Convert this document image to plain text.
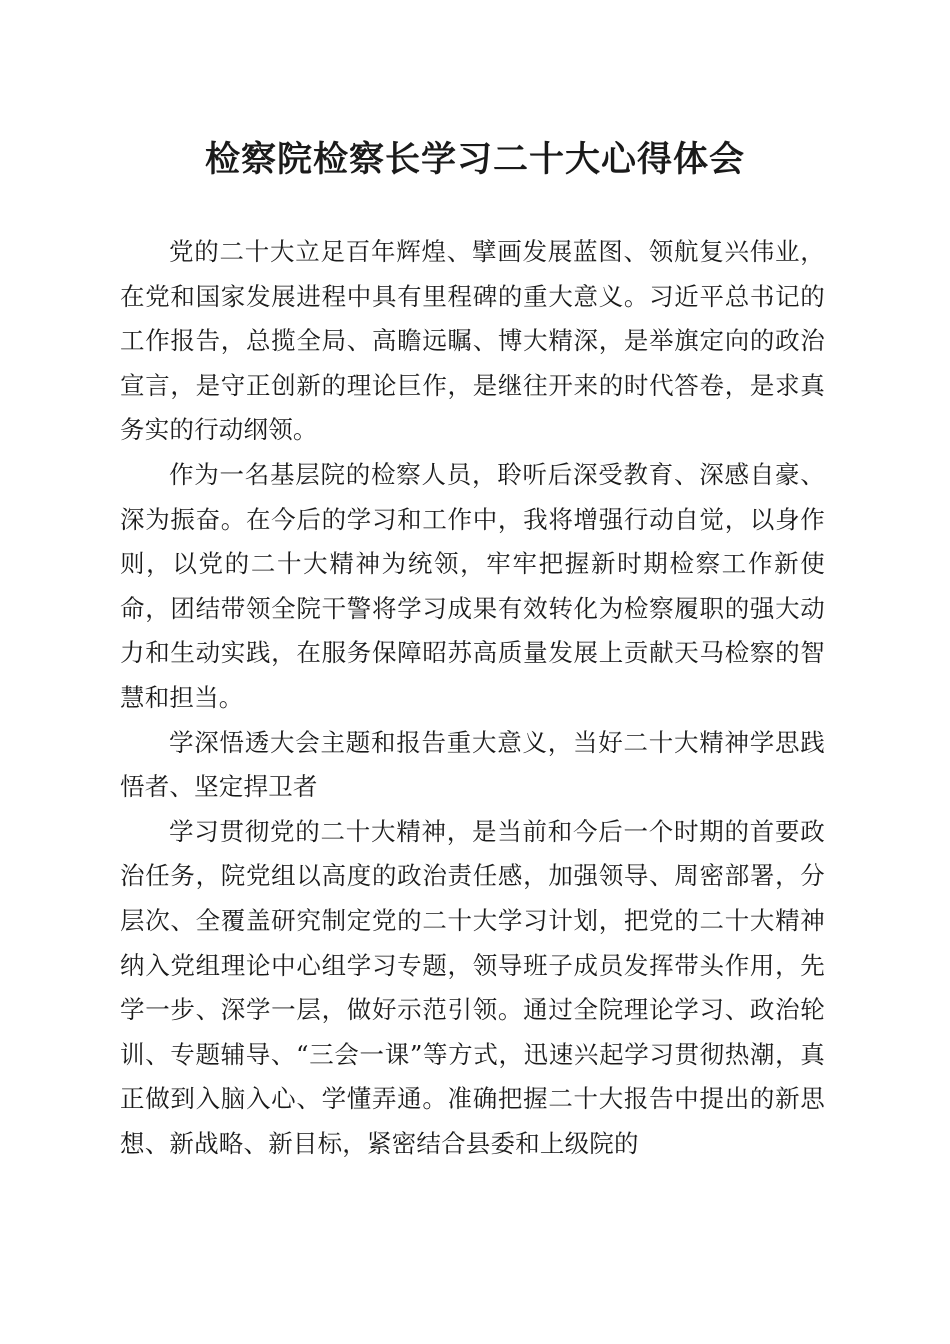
检察院检察长学习二十大心得体会

党的二十大立足百年辉煌、擘画发展蓝图、领航复兴伟业，在党和国家发展进程中具有里程碑的重大意义。习近平总书记的工作报告，总揽全局、高瞻远瞩、博大精深，是举旗定向的政治宣言，是守正创新的理论巨作，是继往开来的时代答卷，是求真务实的行动纲领。

作为一名基层院的检察人员，聆听后深受教育、深感自豪、深为振奋。在今后的学习和工作中，我将增强行动自觉，以身作则，以党的二十大精神为统领，牢牢把握新时期检察工作新使命，团结带领全院干警将学习成果有效转化为检察履职的强大动力和生动实践，在服务保障昭苏高质量发展上贡献天马检察的智慧和担当。

学深悟透大会主题和报告重大意义，当好二十大精神学思践悟者、坚定捍卫者

学习贯彻党的二十大精神，是当前和今后一个时期的首要政治任务，院党组以高度的政治责任感，加强领导、周密部署，分层次、全覆盖研究制定党的二十大学习计划，把党的二十大精神纳入党组理论中心组学习专题，领导班子成员发挥带头作用，先学一步、深学一层，做好示范引领。通过全院理论学习、政治轮训、专题辅导、“三会一课”等方式，迅速兴起学习贯彻热潮，真正做到入脑入心、学懂弄通。准确把握二十大报告中提出的新思想、新战略、新目标，紧密结合县委和上级院的
